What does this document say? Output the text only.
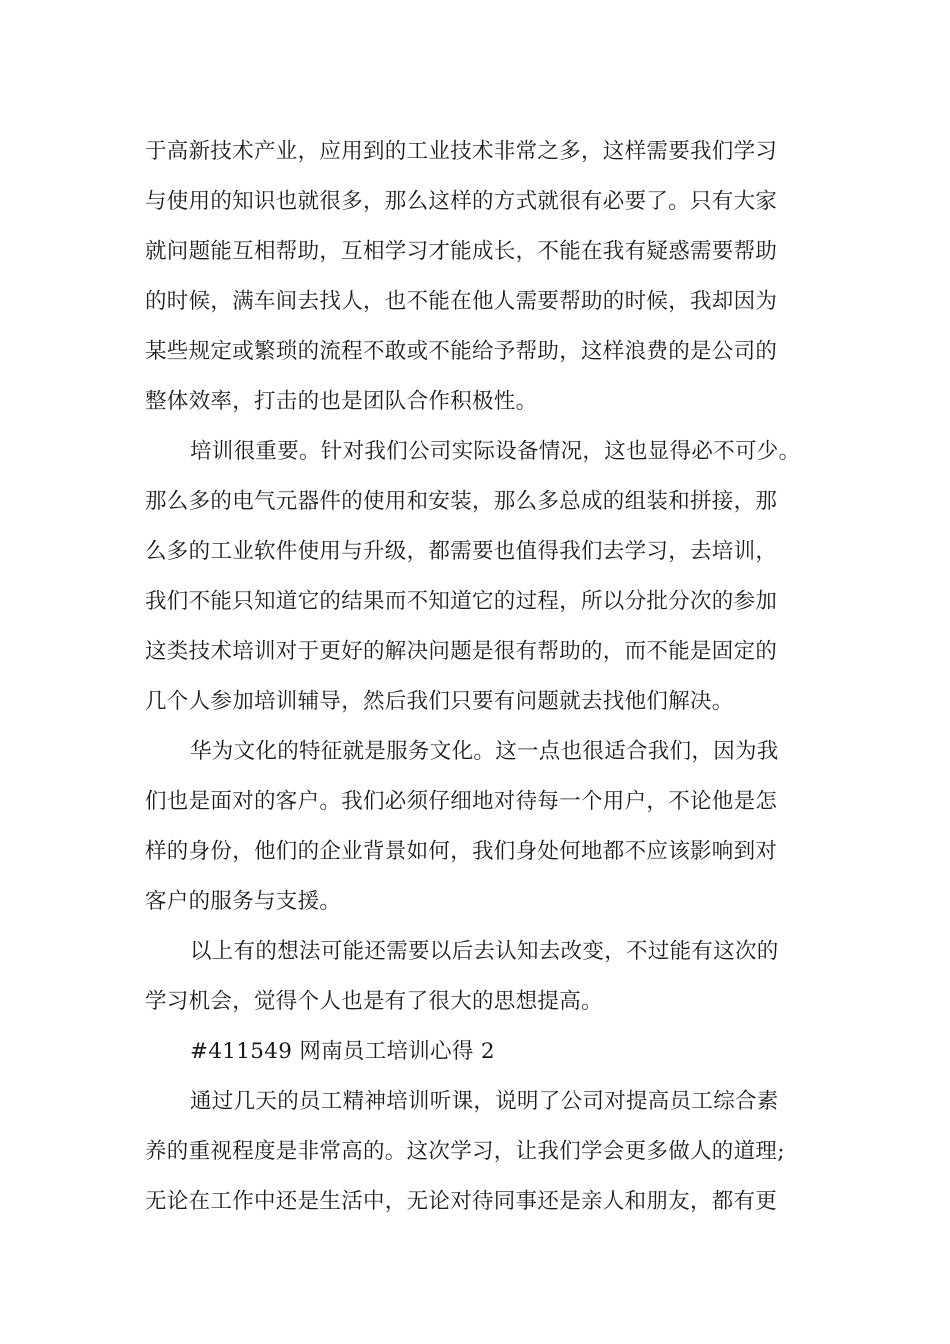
于高新技术产业，应用到的工业技术非常之多，这样需要我们学习
与使用的知识也就很多，那么这样的方式就很有必要了。只有大家
就问题能互相帮助，互相学习才能成长，不能在我有疑惑需要帮助
的时候，满车间去找人，也不能在他人需要帮助的时候，我却因为
某些规定或繁琐的流程不敢或不能给予帮助，这样浪费的是公司的
整体效率，打击的也是团队合作积极性。
培训很重要。针对我们公司实际设备情况，这也显得必不可少。
那么多的电气元器件的使用和安装，那么多总成的组装和拼接，那
么多的工业软件使用与升级，都需要也值得我们去学习，去培训，
我们不能只知道它的结果而不知道它的过程，所以分批分次的参加
这类技术培训对于更好的解决问题是很有帮助的，而不能是固定的
几个人参加培训辅导，然后我们只要有问题就去找他们解决。
华为文化的特征就是服务文化。这一点也很适合我们，因为我
们也是面对的客户。我们必须仔细地对待每一个用户，不论他是怎
样的身份，他们的企业背景如何，我们身处何地都不应该影响到对
客户的服务与支援。
以上有的想法可能还需要以后去认知去改变，不过能有这次的
学习机会，觉得个人也是有了很大的思想提高。
#411549 网南员工培训心得 2
通过几天的员工精神培训听课，说明了公司对提高员工综合素
养的重视程度是非常高的。这次学习，让我们学会更多做人的道理;
无论在工作中还是生活中，无论对待同事还是亲人和朋友，都有更
